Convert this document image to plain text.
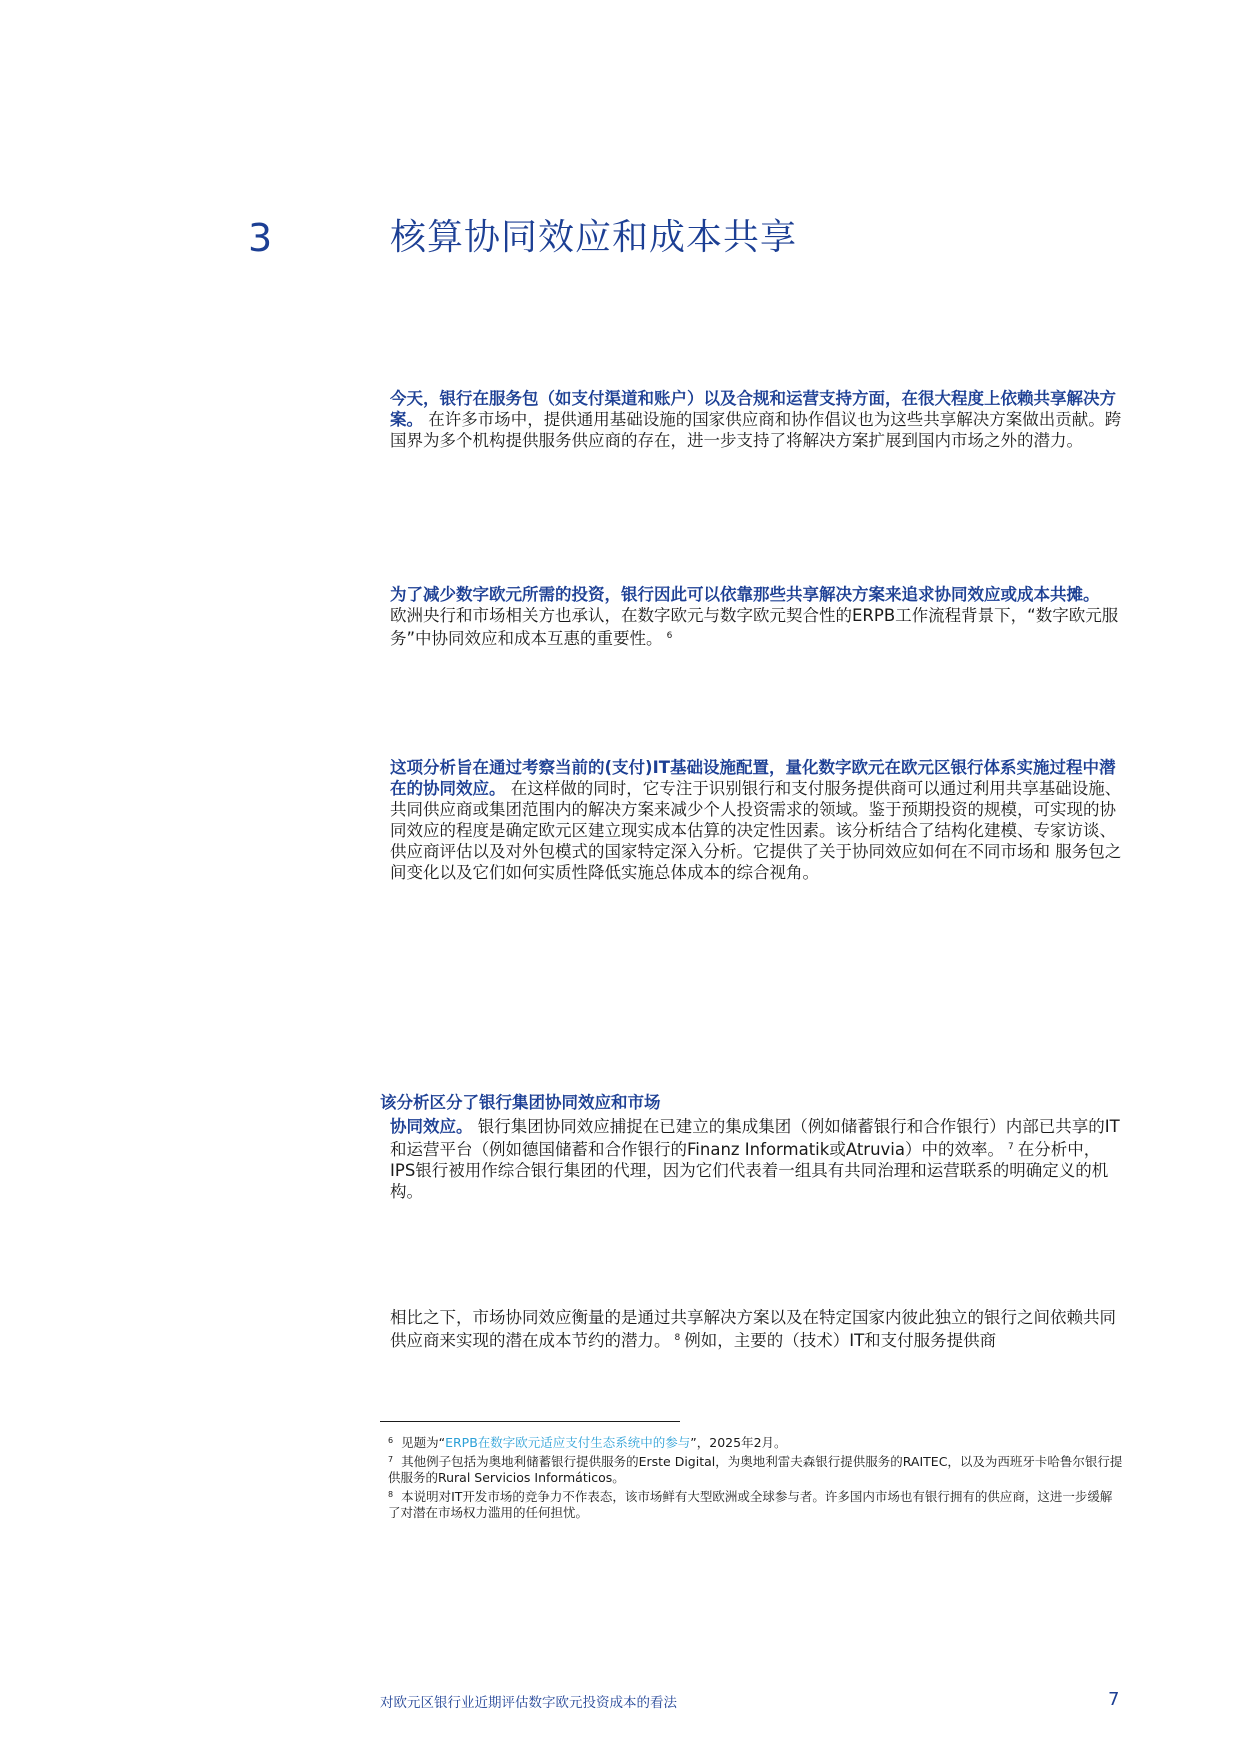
3	核算协同效应和成本共享
今天，银行在服务包（如支付渠道和账户）以及合规和运营支持方面，在很大程度上依赖共享解决方案。 在许多市场中，提供通用基础设施的国家供应商和协作倡议也为这些共享解决方案做出贡献。跨国界为多个机构提供服务供应商的存在，进一步支持了将解决方案扩展到国内市场之外的潜力。
为了减少数字欧元所需的投资，银行因此可以依靠那些共享解决方案来追求协同效应或成本共摊。
欧洲央行和市场相关方也承认，在数字欧元与数字欧元契合性的ERPB工作流程背景下，“数字欧元服务”中协同效应和成本互惠的重要性。 $^6$
这项分析旨在通过考察当前的(支付)IT基础设施配置，量化数字欧元在欧元区银行体系实施过程中潜在的协同效应。 在这样做的同时，它专注于识别银行和支付服务提供商可以通过利用共享基础设施、共同供应商或集团范围内的解决方案来减少个人投资需求的领域。鉴于预期投资的规模，可实现的协同效应的程度是确定欧元区建立现实成本估算的决定性因素。该分析结合了结构化建模、专家访谈、供应商评估以及对外包模式的国家特定深入分析。它提供了关于协同效应如何在不同市场和 服务包之间变化以及它们如何实质性降低实施总体成本的综合视角。
该分析区分了银行集团协同效应和市场
协同效应。 银行集团协同效应捕捉在已建立的集成集团（例如储蓄银行和合作银行）内部已共享的IT和运营平台（例如德国储蓄和合作银行的Finanz Informatik或Atruvia）中的效率。 $^7$ 在分析中，IPS银行被用作综合银行集团的代理，因为它们代表着一组具有共同治理和运营联系的明确定义的机构。
相比之下，市场协同效应衡量的是通过共享解决方案以及在特定国家内彼此独立的银行之间依赖共同供应商来实现的潜在成本节约的潜力。 $^8$ 例如，主要的（技术）IT和支付服务提供商

$^6$ 见题为“ERPB在数字欧元适应支付生态系统中的参与”，2025年2月。

$^7$ 其他例子包括为奥地利储蓄银行提供服务的Erste Digital，为奥地利雷夫森银行提供服务的RAITEC，以及为西班牙卡哈鲁尔银行提供服务的Rural Servicios Informáticos。

$^8$ 本说明对IT开发市场的竞争力不作表态，该市场鲜有大型欧洲或全球参与者。许多国内市场也有银行拥有的供应商，这进一步缓解了对潜在市场权力滥用的任何担忧。

对欧元区银行业近期评估数字欧元投资成本的看法	7
